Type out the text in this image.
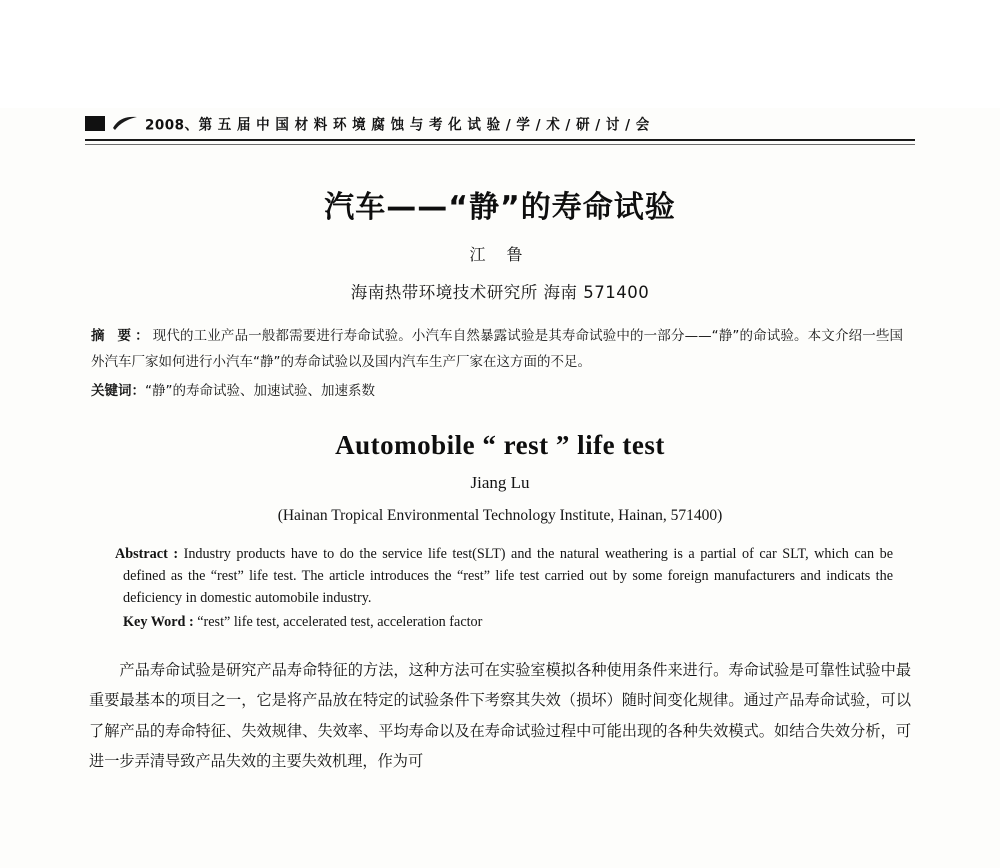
2008、第 五 届 中 国 材 料 环 境 腐 蚀 与 考 化 试 验 / 学 / 术 / 研 / 讨 / 会
汽车——“静”的寿命试验
江 鲁
海南热带环境技术研究所 海南 571400
摘 要：现代的工业产品一般都需要进行寿命试验。小汽车自然暴露试验是其寿命试验中的一部分——“静”的命试验。本文介绍一些国外汽车厂家如何进行小汽车“静”的寿命试验以及国内汽车生产厂家在这方面的不足。
关键词：“静”的寿命试验、加速试验、加速系数
Automobile “ rest ” life test
Jiang Lu
(Hainan Tropical Environmental Technology Institute, Hainan, 571400)
Abstract : Industry products have to do the service life test(SLT) and the natural weathering is a partial of car SLT, which can be defined as the “rest” life test. The article introduces the “rest” life test carried out by some foreign manufacturers and indicats the deficiency in domestic automobile industry.
Key Word : “rest” life test, accelerated test, acceleration factor
产品寿命试验是研究产品寿命特征的方法，这种方法可在实验室模拟各种使用条件来进行。寿命试验是可靠性试验中最重要最基本的项目之一，它是将产品放在特定的试验条件下考察其失效（损坏）随时间变化规律。通过产品寿命试验，可以了解产品的寿命特征、失效规律、失效率、平均寿命以及在寿命试验过程中可能出现的各种失效模式。如结合失效分析，可进一步弄清导致产品失效的主要失效机理，作为可
